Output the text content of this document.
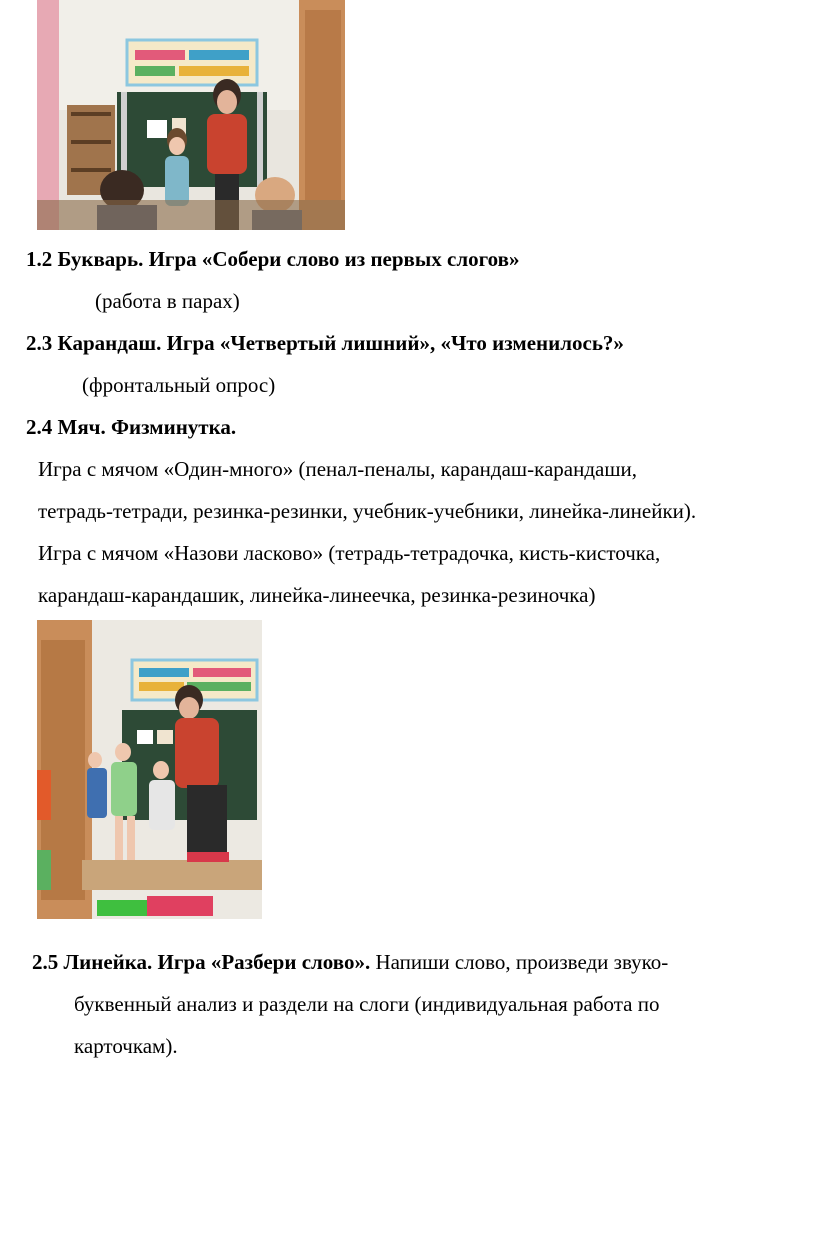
1.2 Букварь. Игра «Собери слово из первых слогов»
(работа в парах)
2.3 Карандаш. Игра «Четвертый лишний», «Что изменилось?»
(фронтальный опрос)
2.4 Мяч. Физминутка.
Игра с мячом «Один-много» (пенал-пеналы, карандаш-карандаши,
тетрадь-тетради, резинка-резинки, учебник-учебники, линейка-линейки).
Игра с мячом «Назови ласково» (тетрадь-тетрадочка, кисть-кисточка,
карандаш-карандашик, линейка-линеечка, резинка-резиночка)
2.5 Линейка. Игра «Разбери слово». Напиши слово, произведи звуко-
буквенный анализ и раздели на слоги (индивидуальная работа по
карточкам).
